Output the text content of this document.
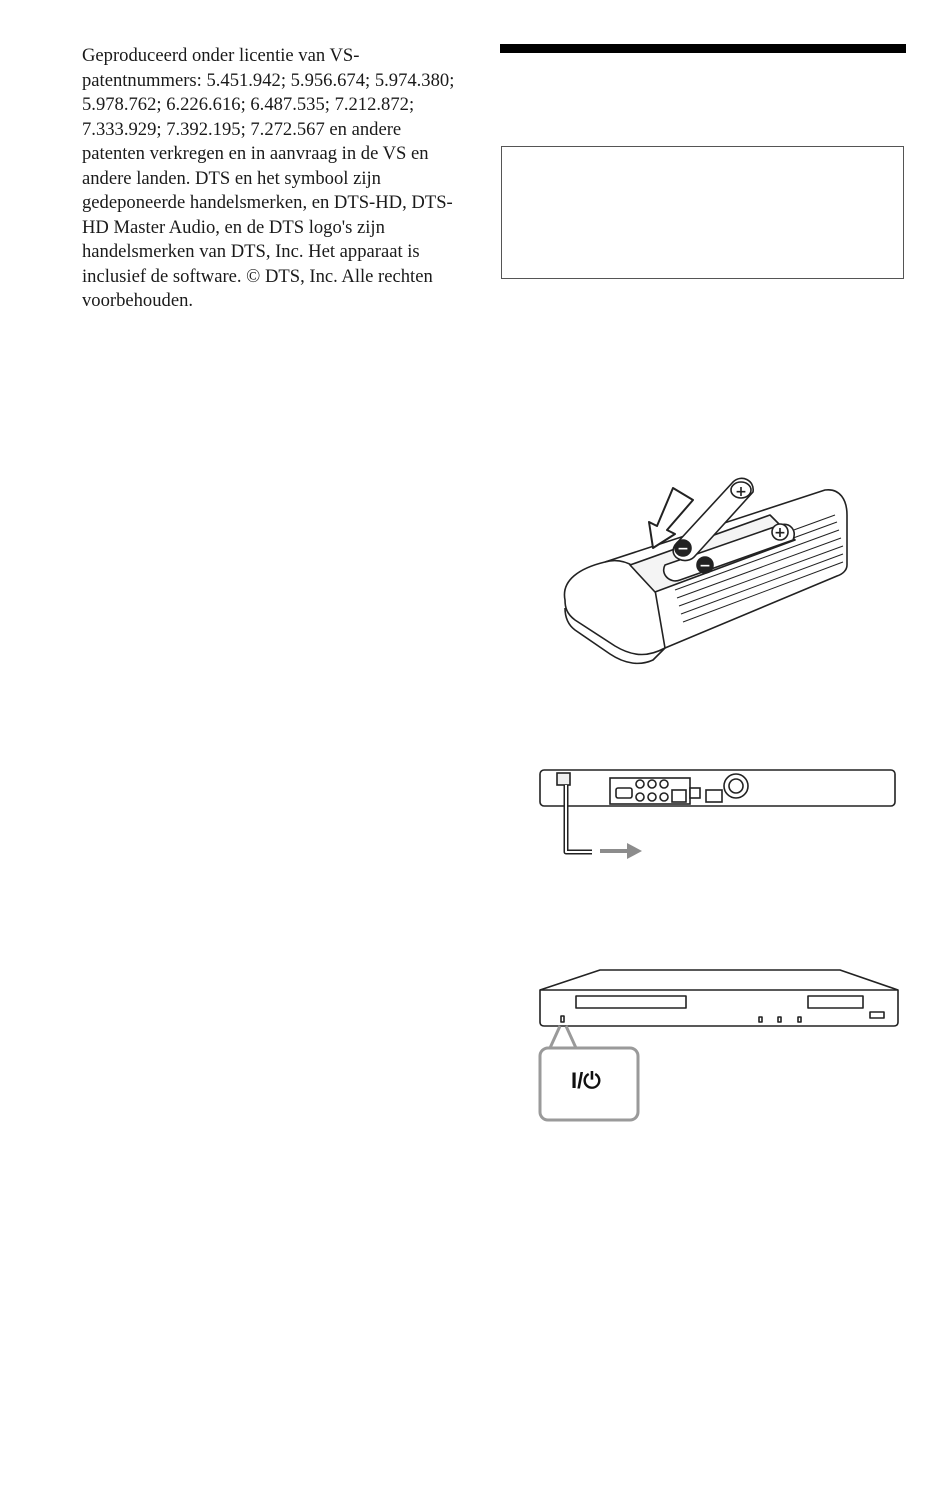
Geproduceerd onder licentie van VS-patentnummers: 5.451.942; 5.956.674; 5.974.380; 5.978.762; 6.226.616; 6.487.535; 7.212.872; 7.333.929; 7.392.195; 7.272.567 en andere patenten verkregen en in aanvraag in de VS en andere landen. DTS en het symbool zijn gedeponeerde handelsmerken, en DTS-HD, DTS-HD Master Audio, en de DTS logo's zijn handelsmerken van DTS, Inc. Het apparaat is inclusief de software. © DTS, Inc. Alle rechten voorbehouden.

+
+
−
−
I/⏻
